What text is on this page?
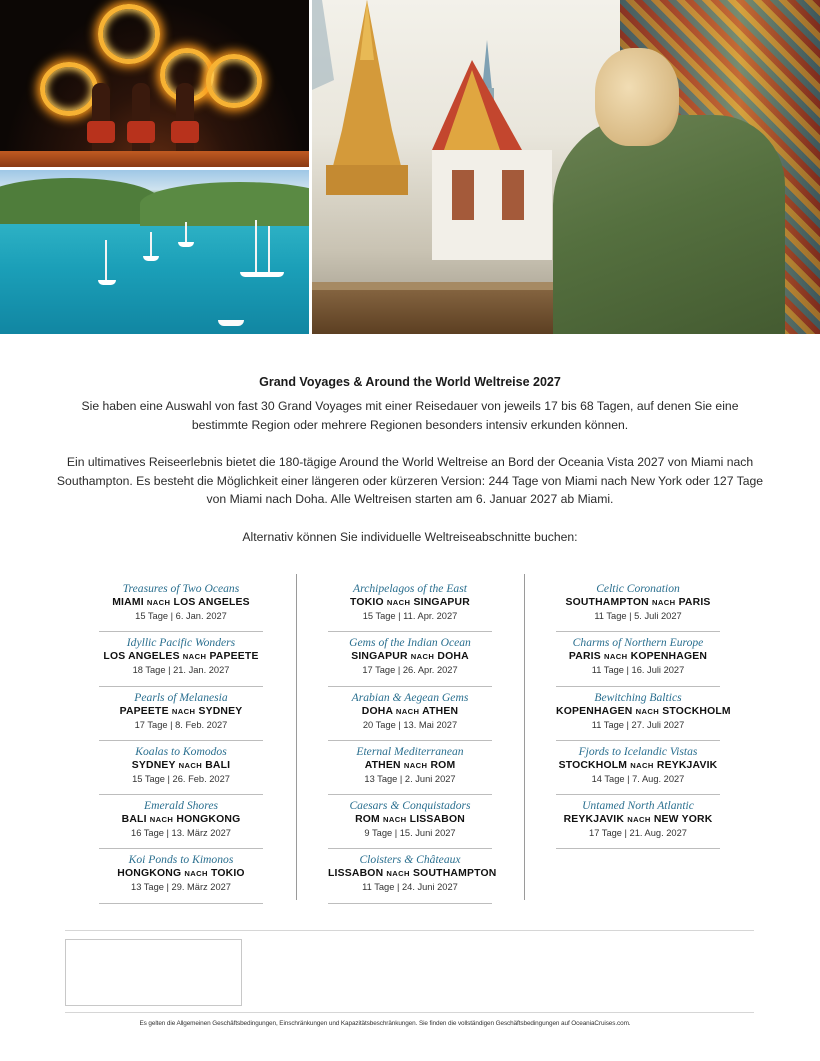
Grand Voyages & Around the World Weltreise 2027

Sie haben eine Auswahl von fast 30 Grand Voyages mit einer Reisedauer von jeweils 17 bis 68 Tagen, auf denen Sie eine bestimmte Region oder mehrere Regionen besonders intensiv erkunden können.

Ein ultimatives Reiseerlebnis bietet die 180-tägige Around the World Weltreise an Bord der Oceania Vista 2027 von Miami nach Southampton. Es besteht die Möglichkeit einer längeren oder kürzeren Version: 244 Tage von Miami nach New York oder 127 Tage von Miami nach Doha. Alle Weltreisen starten am 6. Januar 2027 ab Miami.

Alternativ können Sie individuelle Weltreiseabschnitte buchen:

Treasures of Two Oceans
MIAMI NACH LOS ANGELES
15 Tage | 6. Jan. 2027
Idyllic Pacific Wonders
LOS ANGELES NACH PAPEETE
18 Tage | 21. Jan. 2027
Pearls of Melanesia
PAPEETE NACH SYDNEY
17 Tage | 8. Feb. 2027
Koalas to Komodos
SYDNEY NACH BALI
15 Tage | 26. Feb. 2027
Emerald Shores
BALI NACH HONGKONG
16 Tage | 13. März 2027
Koi Ponds to Kimonos
HONGKONG NACH TOKIO
13 Tage | 29. März 2027
Archipelagos of the East
TOKIO NACH SINGAPUR
15 Tage | 11. Apr. 2027
Gems of the Indian Ocean
SINGAPUR NACH DOHA
17 Tage | 26. Apr. 2027
Arabian & Aegean Gems
DOHA NACH ATHEN
20 Tage | 13. Mai 2027
Eternal Mediterranean
ATHEN NACH ROM
13 Tage | 2. Juni 2027
Caesars & Conquistadors
ROM NACH LISSABON
9 Tage | 15. Juni 2027
Cloisters & Châteaux
LISSABON NACH SOUTHAMPTON
11 Tage | 24. Juni 2027
Celtic Coronation
SOUTHAMPTON NACH PARIS
11 Tage | 5. Juli 2027
Charms of Northern Europe
PARIS NACH KOPENHAGEN
11 Tage | 16. Juli 2027
Bewitching Baltics
KOPENHAGEN NACH STOCKHOLM
11 Tage | 27. Juli 2027
Fjords to Icelandic Vistas
STOCKHOLM NACH REYKJAVIK
14 Tage | 7. Aug. 2027
Untamed North Atlantic
REYKJAVIK NACH NEW YORK
17 Tage | 21. Aug. 2027

Es gelten die Allgemeinen Geschäftsbedingungen, Einschränkungen und Kapazitätsbeschränkungen. Sie finden die vollständigen Geschäftsbedingungen auf OceaniaCruises.com.
